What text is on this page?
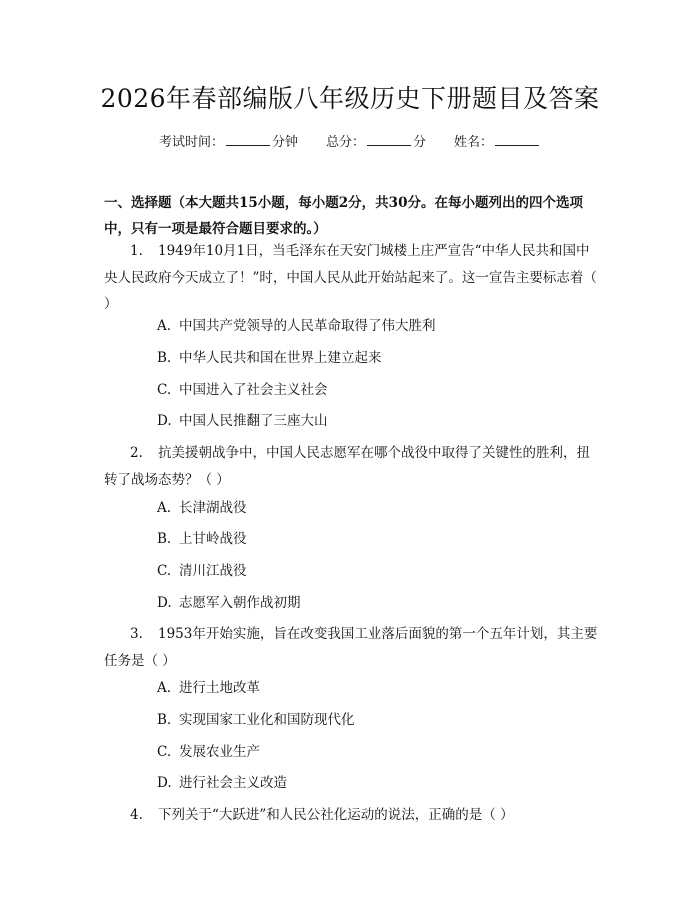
2026年春部编版八年级历史下册题目及答案
考试时间：	分钟 总分：	分 姓名：
一、选择题（本大题共15小题，每小题2分，共30分。在每小题列出的四个选项中，只有一项是最符合题目要求的。）
1. 1949年10月1日，当毛泽东在天安门城楼上庄严宣告“中华人民共和国中央人民政府今天成立了！”时，中国人民从此开始站起来了。这一宣告主要标志着（ ）
A. 中国共产党领导的人民革命取得了伟大胜利
B. 中华人民共和国在世界上建立起来
C. 中国进入了社会主义社会
D. 中国人民推翻了三座大山
2. 抗美援朝战争中，中国人民志愿军在哪个战役中取得了关键性的胜利，扭转了战场态势？（ ）
A. 长津湖战役
B. 上甘岭战役
C. 清川江战役
D. 志愿军入朝作战初期
3. 1953年开始实施，旨在改变我国工业落后面貌的第一个五年计划，其主要任务是（ ）
A. 进行土地改革
B. 实现国家工业化和国防现代化
C. 发展农业生产
D. 进行社会主义改造
4. 下列关于“大跃进”和人民公社化运动的说法，正确的是（ ）
